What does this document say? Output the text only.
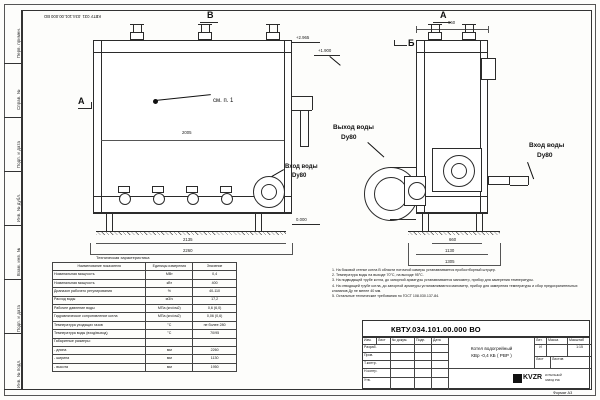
Перв. примен.
Справ. №
Подп. и дата
Инв. № дубл.
Взам. инв. №
Подп. и дата
Инв. № подл.
КВТУ 031 .034.101.00.000 ВО	В	А
см. п. 1
А
+2.965
+1.900
0.000
2005
2135
2260
Вход воды
Dy80
960
Б
660
1130
1305
Выход воды
Dy80
Вход воды
Dy80
Техническая характеристика
Наименование показателя	Единицы измерения	Значение
Номинальная мощность	МВт	0,4
Номинальная мощность	кВт	400
Диапазон рабочего регулирования	%	40-110
Расход воды	м3/ч	17,2
Рабочее давление воды	МПа (кгс/см2)	0,6 (6,0)
Гидравлическое сопротивление котла	МПа (кгс/см2)	0,06 (0,6)
Температура уходящих газов	°С	не более 280
Температура воды (вход/выход)	°С	70/95
Габаритные размеры:		
- длина	мм	2260
- ширина	мм	1130
- высота	мм	1950
1. На боковой стенке котла В области поточной камеры устанавливается пробоотборный штуцер.
2. Температура воды на выходе 70°С, на выходе 95°С.
3. На подводящей трубе котла, до запорной арматуры устанавливается манометр, прибор для замерения температуры.
4. На отводящей трубе котла, до запорной арматуры устанавливаются манометр, прибор для замерения температуры и сбор предохранительных клапанов Ду не менее 40 мм.
5. Остальные технические требования по ГОСТ 108.030.137-84.
КВТУ.034.101.00.000 ВО
Изм.	Лист	№ докум.	Подп.	Дата
Разраб.
Пров.
Т.контр.
Н.контр.
Утв.
Котел водогрейный
КВр -0,4 КБ ( РВР )
Лит.	Масса	Масштаб
И	1:15
Лист	Листов
KVZR КОТЕЛЬНЫЙ
ЗАВОД РЭК
Формат А3
